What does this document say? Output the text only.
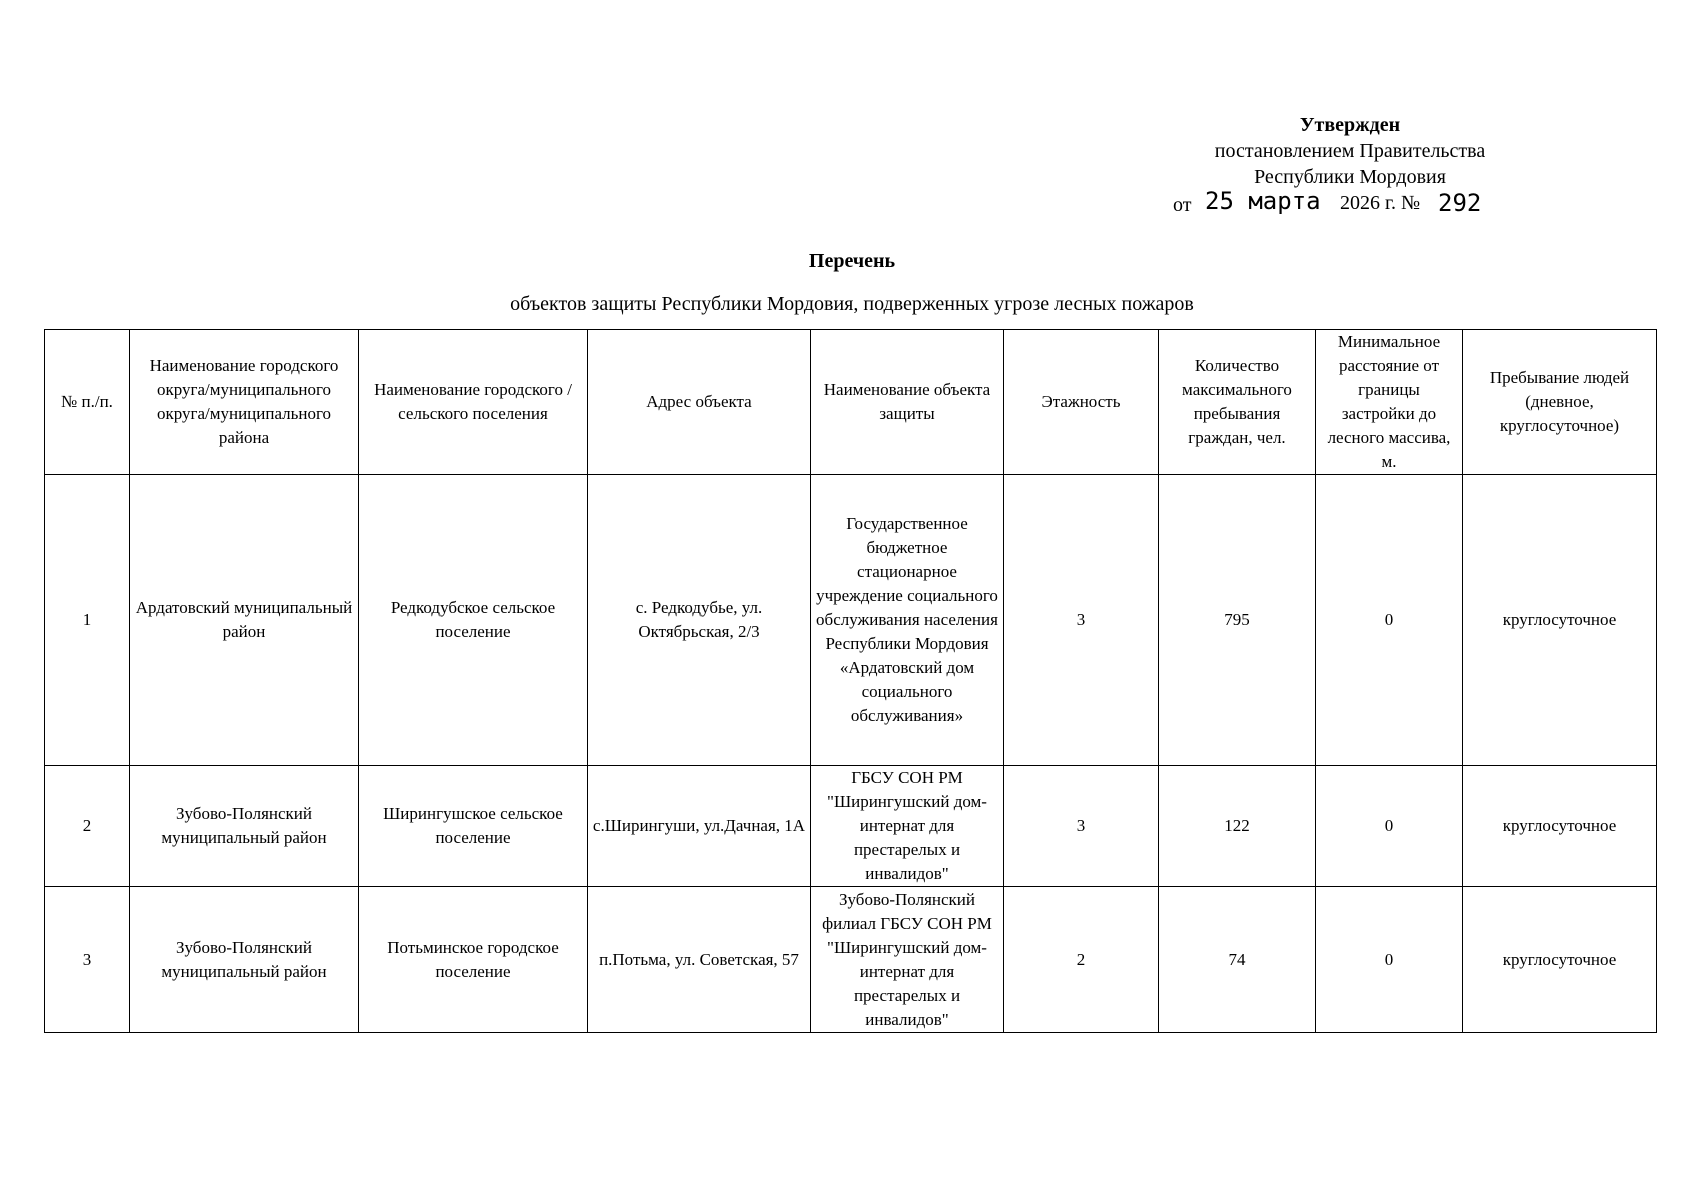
Утвержден
постановлением Правительства
Республики Мордовия
от 25 марта 2026 г. № 292
Перечень
объектов защиты Республики Мордовия, подверженных угрозе лесных пожаров
№ п./п.	Наименование городского округа/муниципального округа/муниципального района	Наименование городского / сельского поселения	Адрес объекта	Наименование объекта защиты	Этажность	Количество максимального пребывания граждан, чел.	Минимальное расстояние от границы застройки до лесного массива, м.	Пребывание людей (дневное, круглосуточное)
1	Ардатовский муниципальный район	Редкодубское сельское поселение	с. Редкодубье, ул. Октябрьская, 2/3	Государственное бюджетное стационарное учреждение социального обслуживания населения Республики Мордовия «Ардатовский дом социального обслуживания»	3	795	0	круглосуточное
2	Зубово-Полянский муниципальный район	Ширингушское сельское поселение	с.Ширингуши, ул.Дачная, 1А	ГБСУ СОН РМ "Ширингушский дом-интернат для престарелых и инвалидов"	3	122	0	круглосуточное
3	Зубово-Полянский муниципальный район	Потьминское городское поселение	п.Потьма, ул. Советская, 57	Зубово-Полянский филиал ГБСУ СОН РМ "Ширингушский дом-интернат для престарелых и инвалидов"	2	74	0	круглосуточное
